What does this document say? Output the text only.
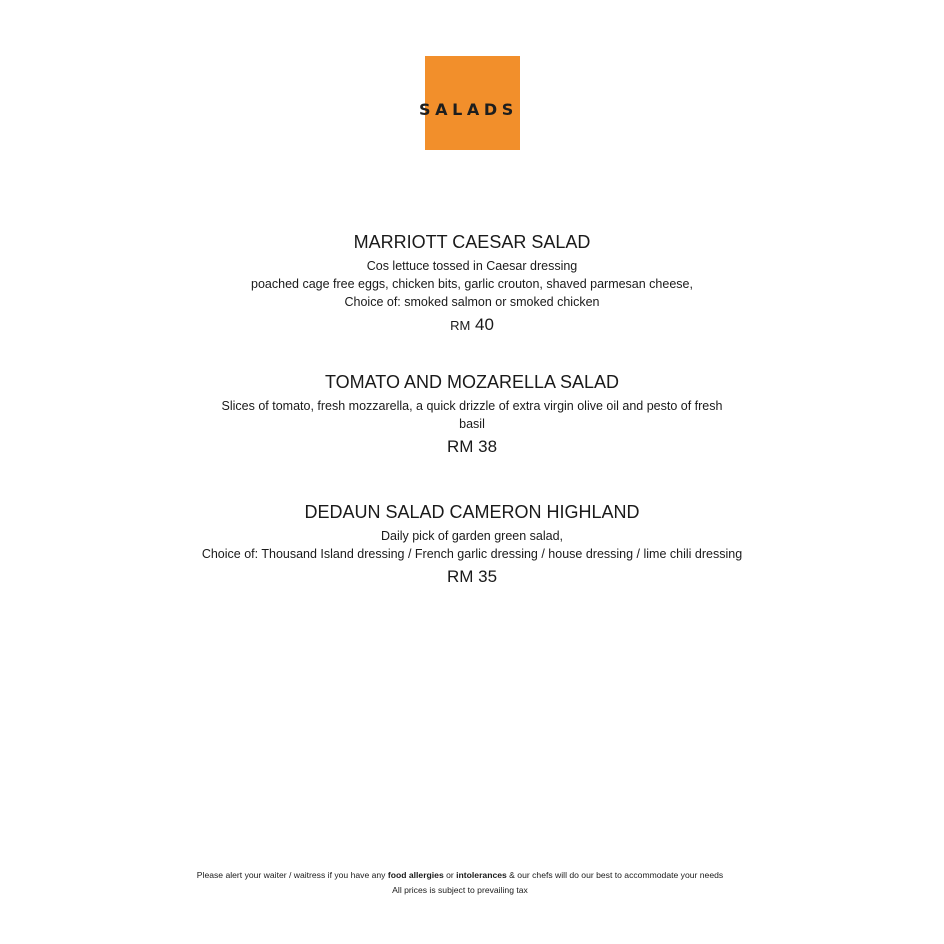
SALADS
MARRIOTT CAESAR SALAD
Cos lettuce tossed in Caesar dressing
poached cage free eggs, chicken bits, garlic crouton, shaved parmesan cheese,
Choice of: smoked salmon or smoked chicken
RM 40
TOMATO AND MOZARELLA SALAD
Slices of tomato, fresh mozzarella, a quick drizzle of extra virgin olive oil and pesto of fresh basil
RM 38
DEDAUN SALAD CAMERON HIGHLAND
Daily pick of garden green salad,
Choice of: Thousand Island dressing / French garlic dressing / house dressing / lime chili dressing
RM 35
Please alert your waiter / waitress if you have any food allergies or intolerances & our chefs will do our best to accommodate your needs
All prices is subject to prevailing tax
